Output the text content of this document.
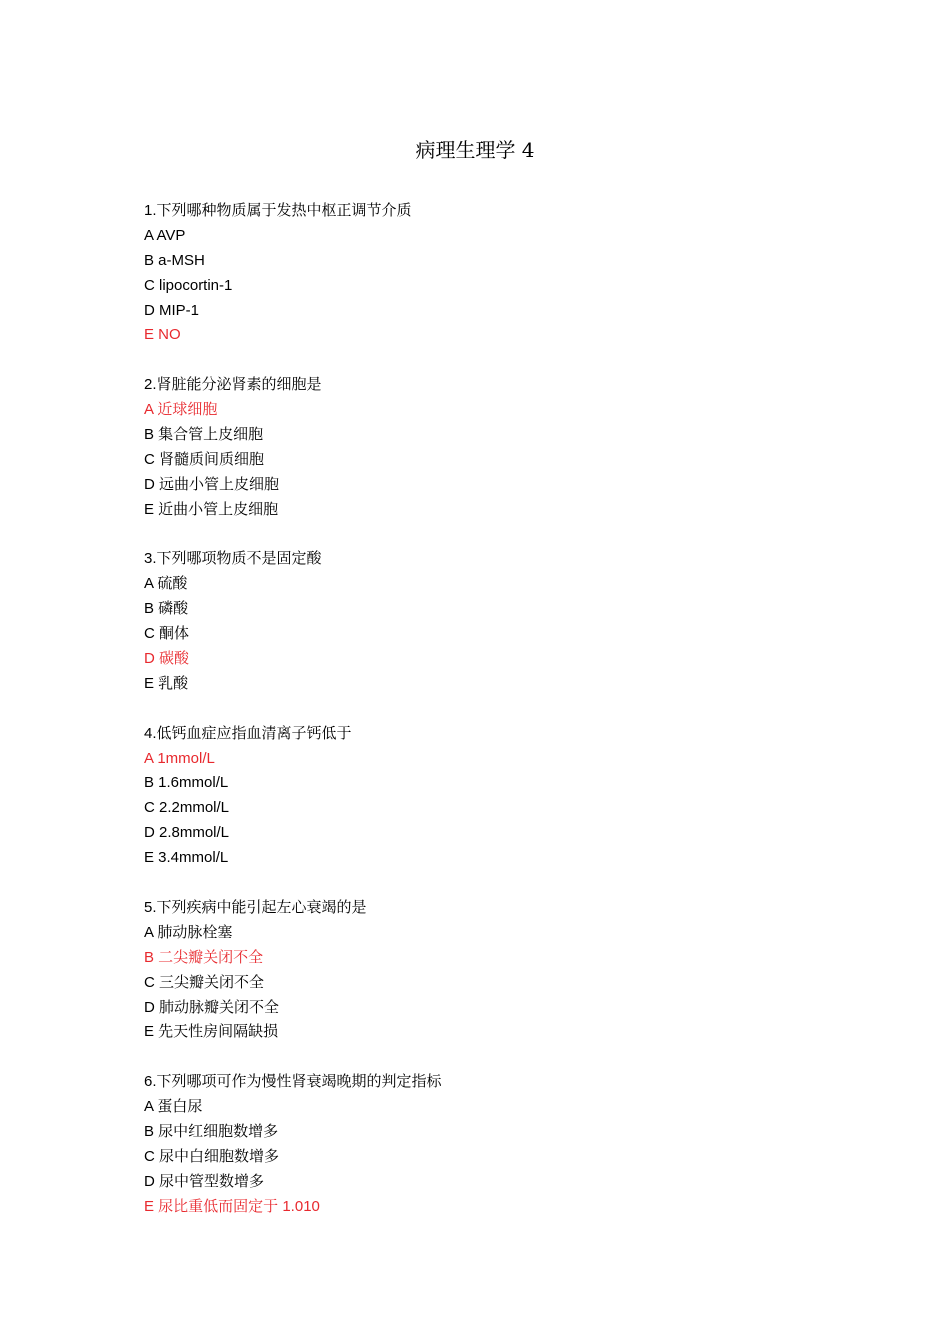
病理生理学 4
1.下列哪种物质属于发热中枢正调节介质
A AVP
B a-MSH
C lipocortin-1
D MIP-1
E NO
2.肾脏能分泌肾素的细胞是
A 近球细胞
B 集合管上皮细胞
C 肾髓质间质细胞
D 远曲小管上皮细胞
E 近曲小管上皮细胞
3.下列哪项物质不是固定酸
A 硫酸
B 磷酸
C 酮体
D 碳酸
E 乳酸
4.低钙血症应指血清离子钙低于
A 1mmol/L
B 1.6mmol/L
C 2.2mmol/L
D 2.8mmol/L
E 3.4mmol/L
5.下列疾病中能引起左心衰竭的是
A 肺动脉栓塞
B 二尖瓣关闭不全
C 三尖瓣关闭不全
D 肺动脉瓣关闭不全
E 先天性房间隔缺损
6.下列哪项可作为慢性肾衰竭晚期的判定指标
A 蛋白尿
B 尿中红细胞数增多
C 尿中白细胞数增多
D 尿中管型数增多
E 尿比重低而固定于 1.010
